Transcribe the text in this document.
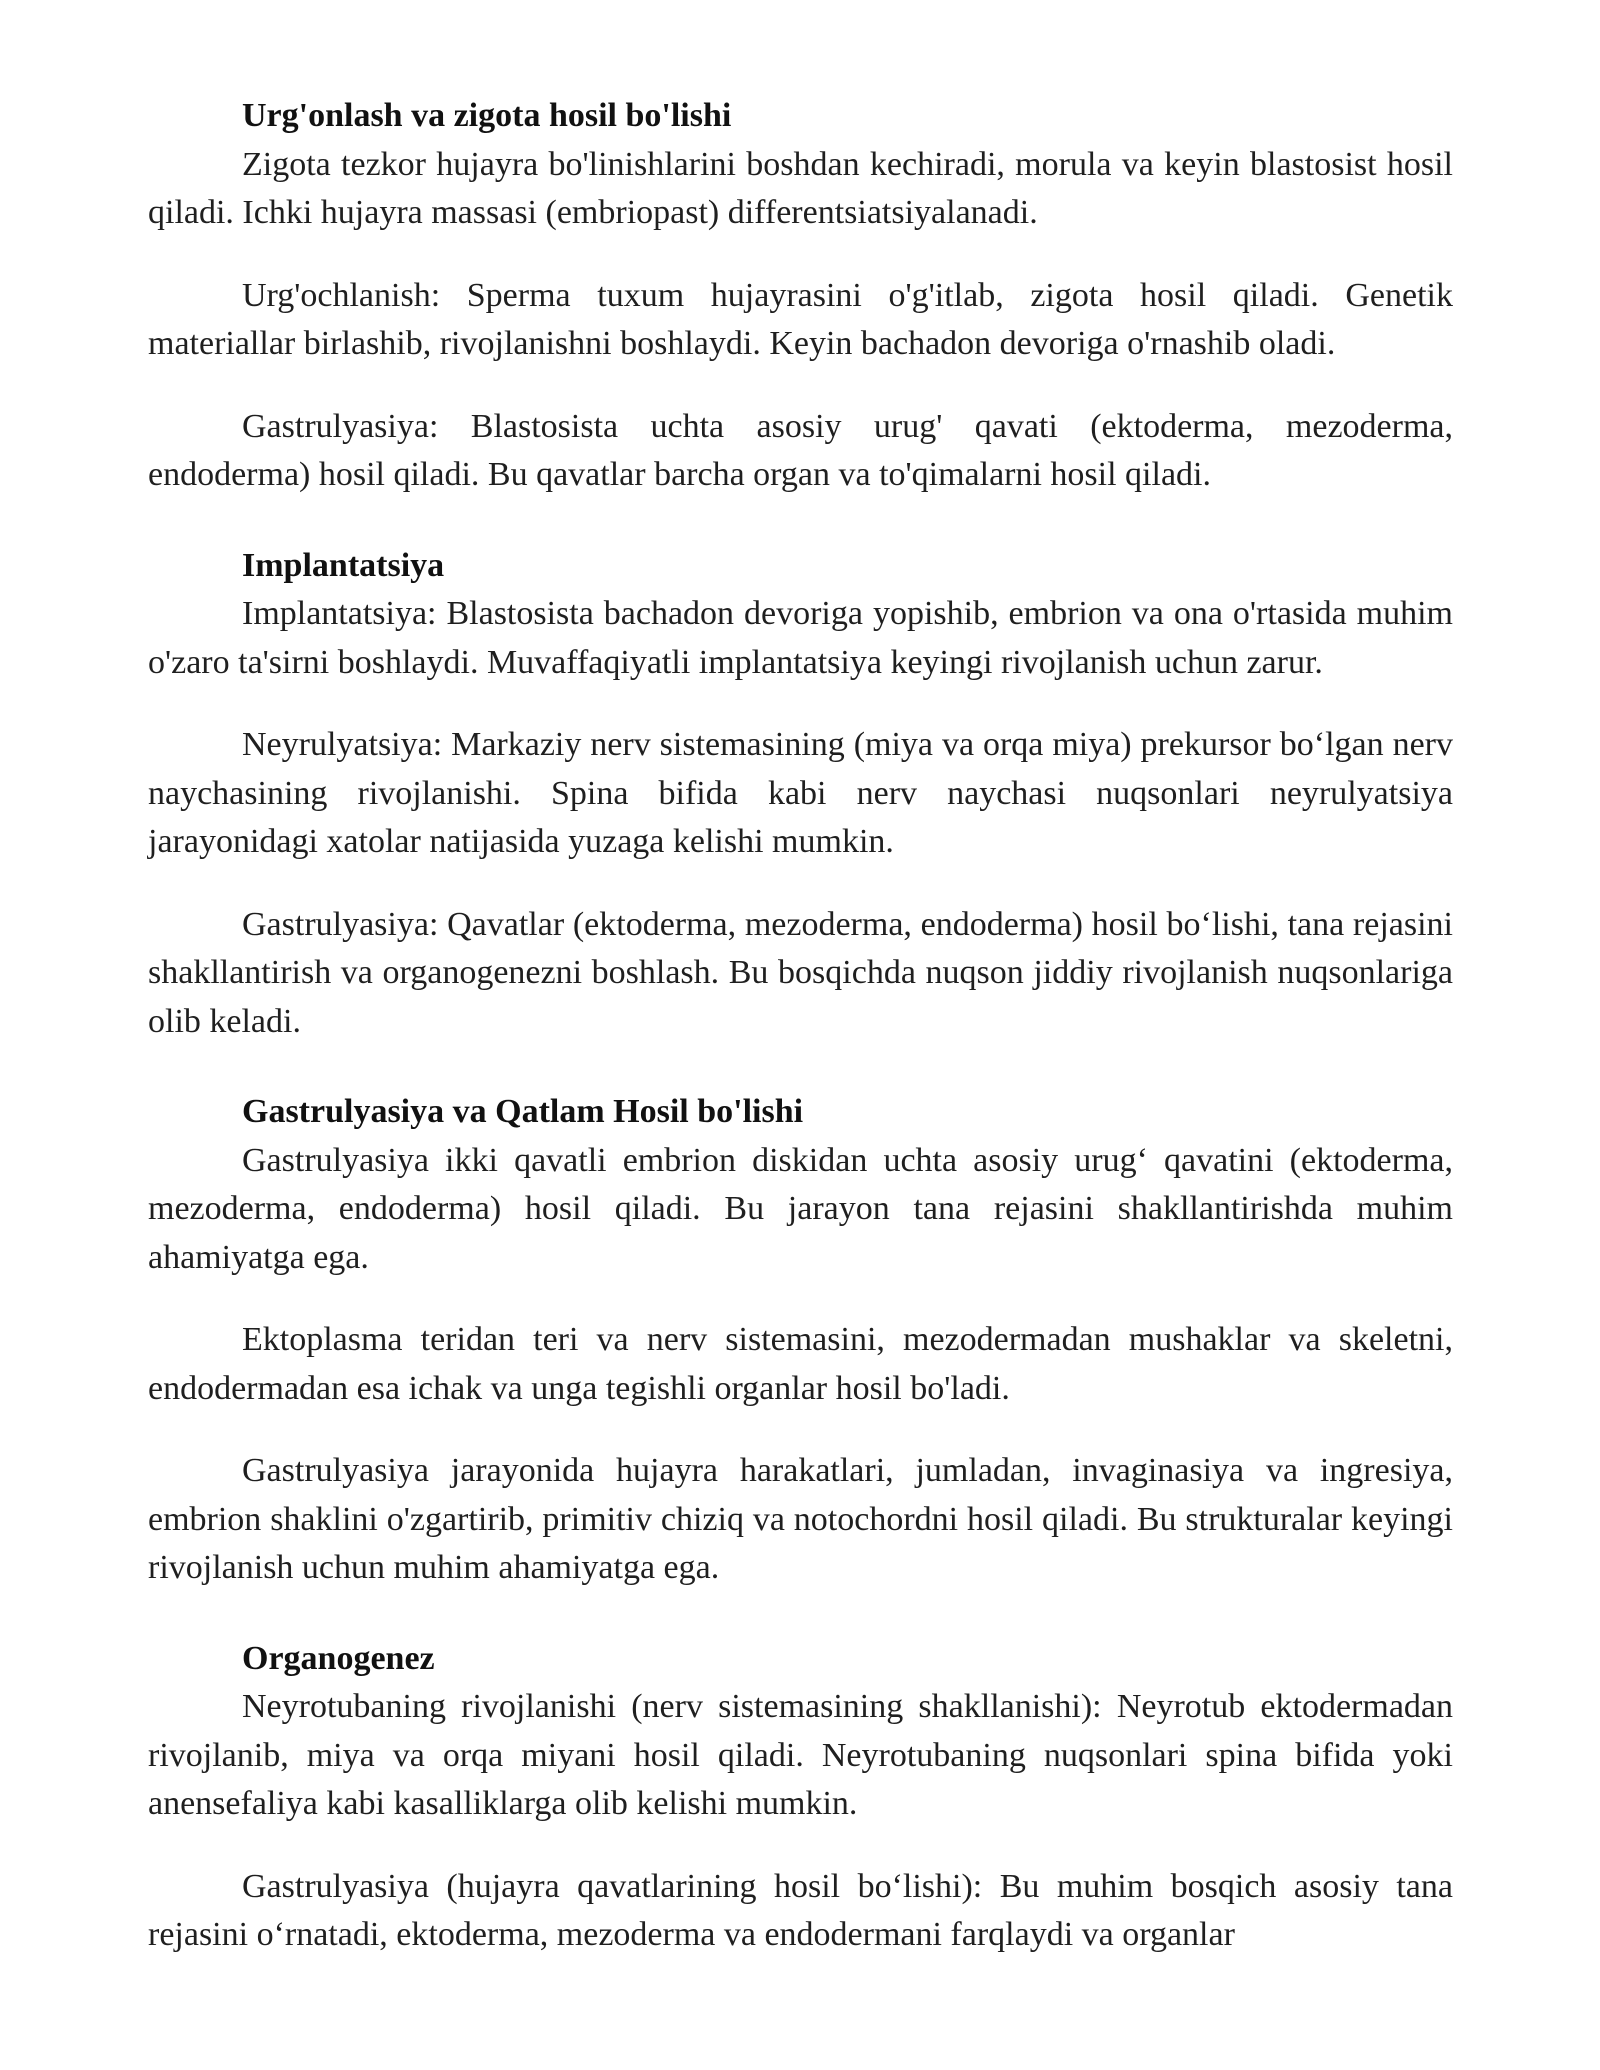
Urg'onlash va zigota hosil bo'lishi

Zigota tezkor hujayra bo'linishlarini boshdan kechiradi, morula va keyin blastosist hosil qiladi. Ichki hujayra massasi (embriopast) differentsiatsiyalanadi.

Urg'ochlanish: Sperma tuxum hujayrasini o'g'itlab, zigota hosil qiladi. Genetik materiallar birlashib, rivojlanishni boshlaydi. Keyin bachadon devoriga o'rnashib oladi.

Gastrulyasiya: Blastosista uchta asosiy urug' qavati (ektoderma, mezoderma, endoderma) hosil qiladi. Bu qavatlar barcha organ va to'qimalarni hosil qiladi.

Implantatsiya

Implantatsiya: Blastosista bachadon devoriga yopishib, embrion va ona o'rtasida muhim o'zaro ta'sirni boshlaydi. Muvaffaqiyatli implantatsiya keyingi rivojlanish uchun zarur.

Neyrulyatsiya: Markaziy nerv sistemasining (miya va orqa miya) prekursor bo‘lgan nerv naychasining rivojlanishi. Spina bifida kabi nerv naychasi nuqsonlari neyrulyatsiya jarayonidagi xatolar natijasida yuzaga kelishi mumkin.

Gastrulyasiya: Qavatlar (ektoderma, mezoderma, endoderma) hosil bo‘lishi, tana rejasini shakllantirish va organogenezni boshlash. Bu bosqichda nuqson jiddiy rivojlanish nuqsonlariga olib keladi.

Gastrulyasiya va Qatlam Hosil bo'lishi

Gastrulyasiya ikki qavatli embrion diskidan uchta asosiy urug‘ qavatini (ektoderma, mezoderma, endoderma) hosil qiladi. Bu jarayon tana rejasini shakllantirishda muhim ahamiyatga ega.

Ektoplasma teridan teri va nerv sistemasini, mezodermadan mushaklar va skeletni, endodermadan esa ichak va unga tegishli organlar hosil bo'ladi.

Gastrulyasiya jarayonida hujayra harakatlari, jumladan, invaginasiya va ingresiya, embrion shaklini o'zgartirib, primitiv chiziq va notochordni hosil qiladi. Bu strukturalar keyingi rivojlanish uchun muhim ahamiyatga ega.

Organogenez

Neyrotubaning rivojlanishi (nerv sistemasining shakllanishi): Neyrotub ektodermadan rivojlanib, miya va orqa miyani hosil qiladi. Neyrotubaning nuqsonlari spina bifida yoki anensefaliya kabi kasalliklarga olib kelishi mumkin.

Gastrulyasiya (hujayra qavatlarining hosil bo‘lishi): Bu muhim bosqich asosiy tana rejasini o‘rnatadi, ektoderma, mezoderma va endodermani farqlaydi va organlar
